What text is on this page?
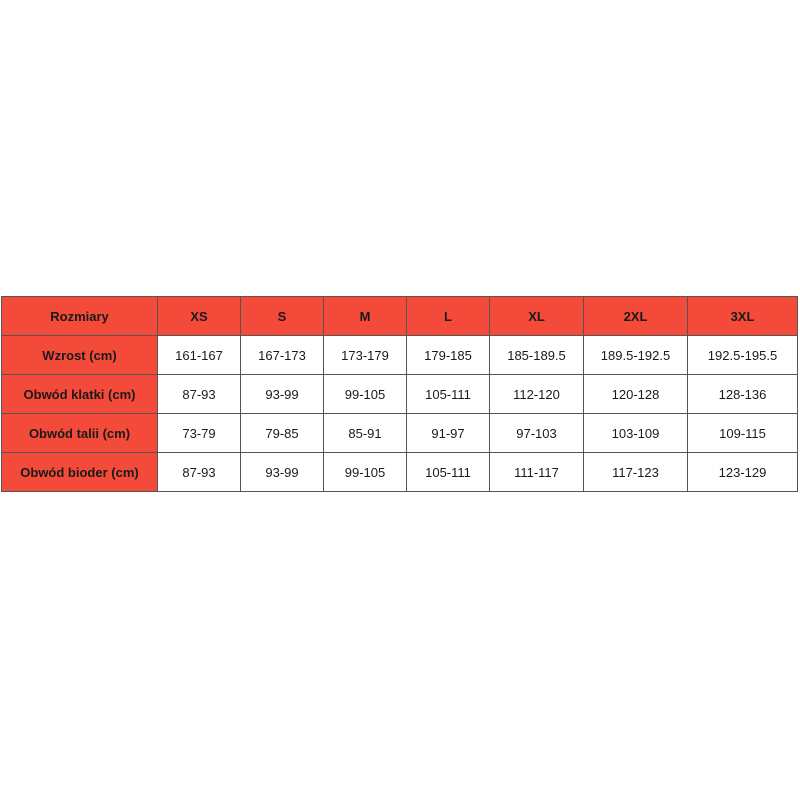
Rozmiary	XS	S	M	L	XL	2XL	3XL
Wzrost (cm)	161-167	167-173	173-179	179-185	185-189.5	189.5-192.5	192.5-195.5
Obwód klatki (cm)	87-93	93-99	99-105	105-111	112-120	120-128	128-136
Obwód talii (cm)	73-79	79-85	85-91	91-97	97-103	103-109	109-115
Obwód bioder (cm)	87-93	93-99	99-105	105-111	111-117	117-123	123-129
